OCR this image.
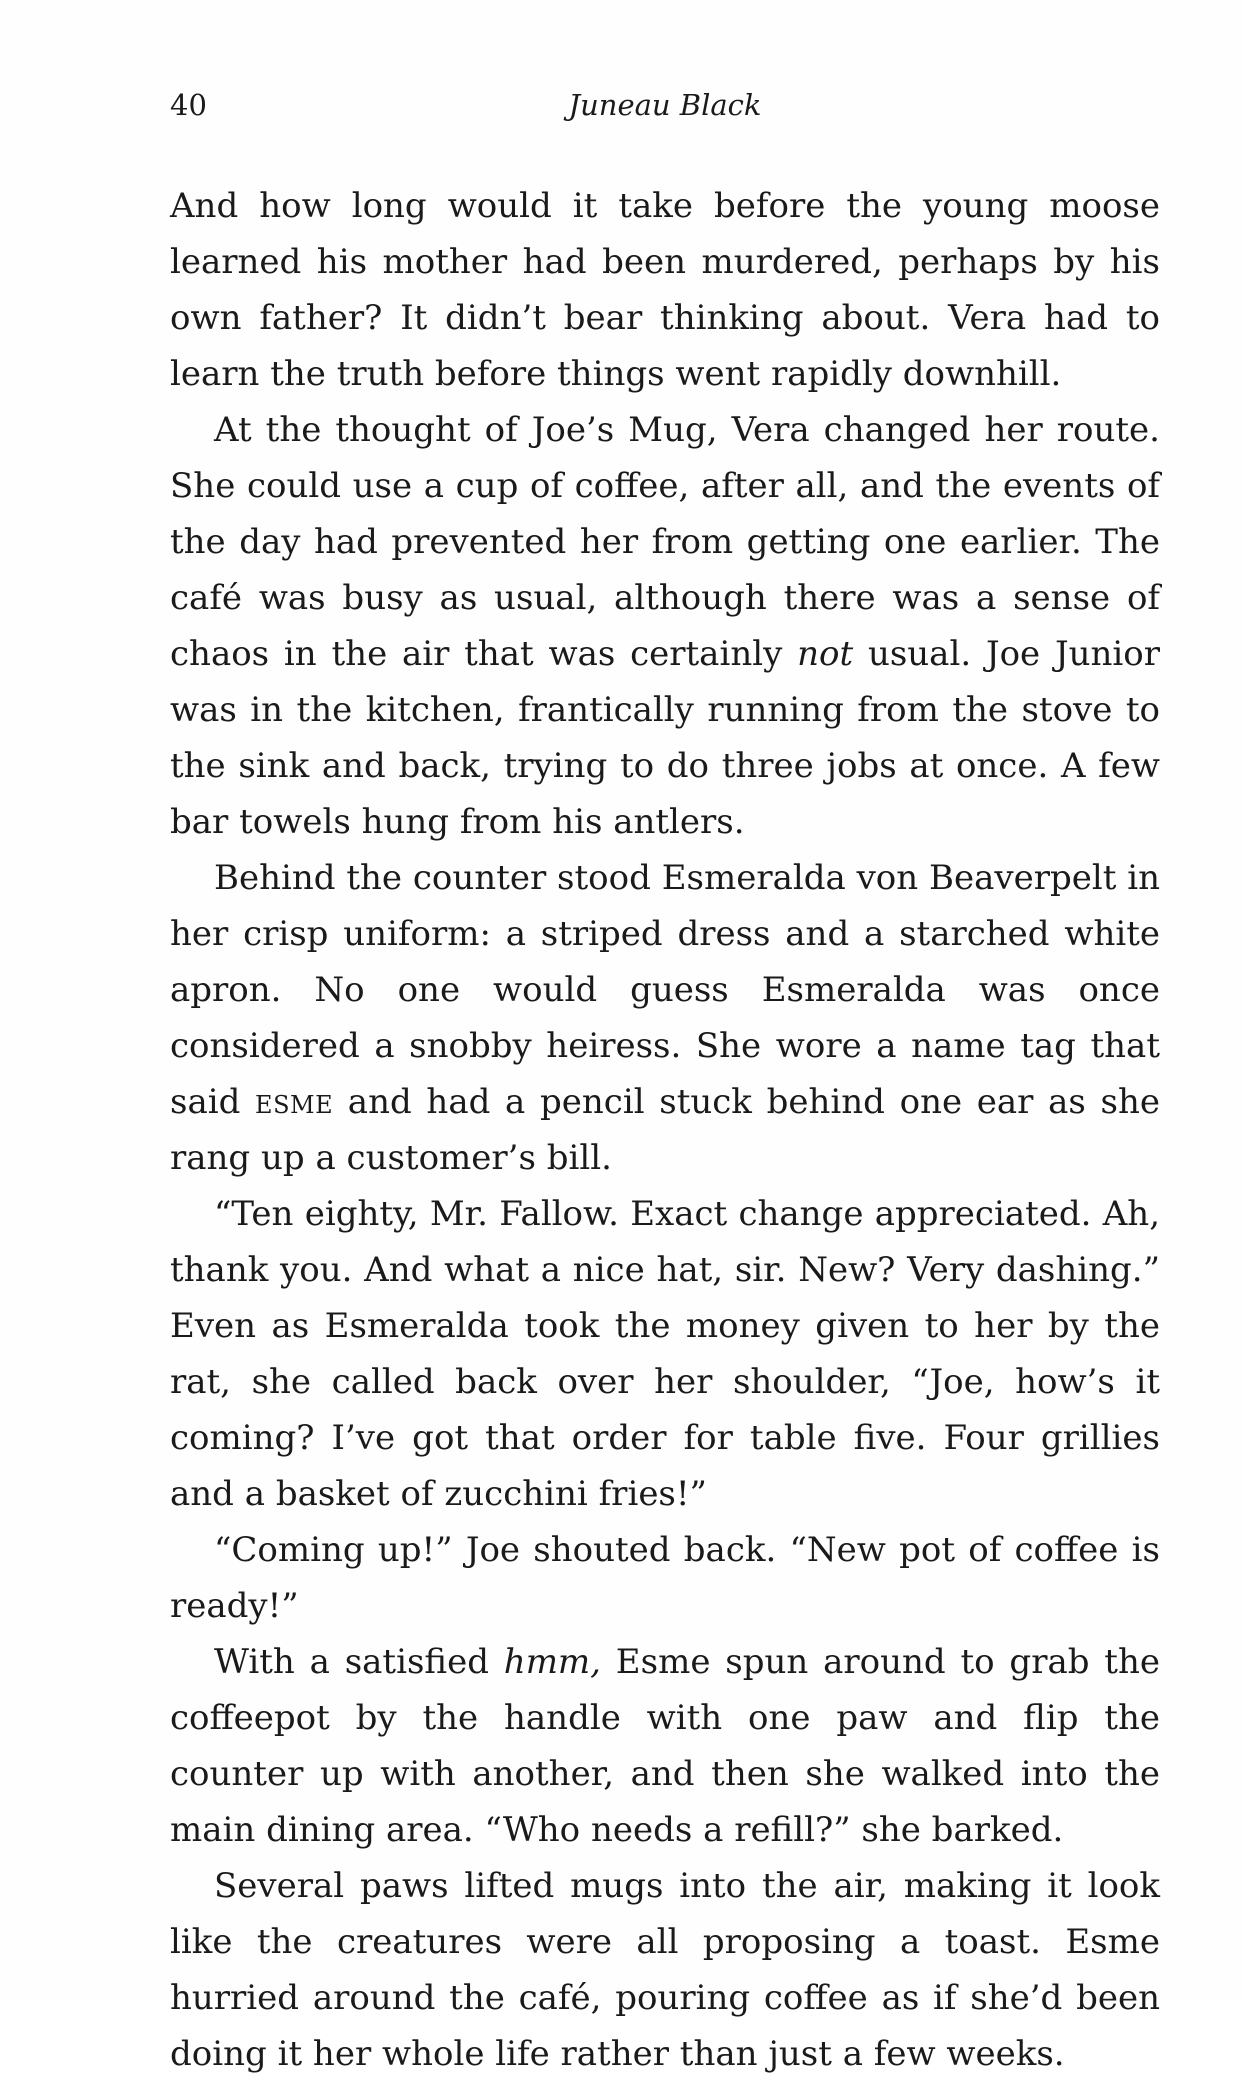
40	Juneau Black

And how long would it take before the young moose learned his mother had been murdered, perhaps by his own father? It didn’t bear thinking about. Vera had to learn the truth before things went rapidly downhill.

At the thought of Joe’s Mug, Vera changed her route. She could use a cup of coffee, after all, and the events of the day had prevented her from getting one earlier. The café was busy as usual, although there was a sense of chaos in the air that was certainly not usual. Joe Junior was in the kitchen, frantically running from the stove to the sink and back, trying to do three jobs at once. A few bar towels hung from his antlers.

Behind the counter stood Esmeralda von Beaverpelt in her crisp uniform: a striped dress and a starched white apron. No one would guess Esmeralda was once considered a snobby heiress. She wore a name tag that said esme and had a pencil stuck behind one ear as she rang up a customer’s bill.

“Ten eighty, Mr. Fallow. Exact change appreciated. Ah, thank you. And what a nice hat, sir. New? Very dashing.” Even as Esmeralda took the money given to her by the rat, she called back over her shoulder, “Joe, how’s it coming? I’ve got that order for table five. Four grillies and a basket of zucchini fries!”

“Coming up!” Joe shouted back. “New pot of coffee is ready!”

With a satisfied hmm, Esme spun around to grab the coffeepot by the handle with one paw and flip the counter up with another, and then she walked into the main dining area. “Who needs a refill?” she barked.

Several paws lifted mugs into the air, making it look like the creatures were all proposing a toast. Esme hurried around the café, pouring coffee as if she’d been doing it her whole life rather than just a few weeks.
